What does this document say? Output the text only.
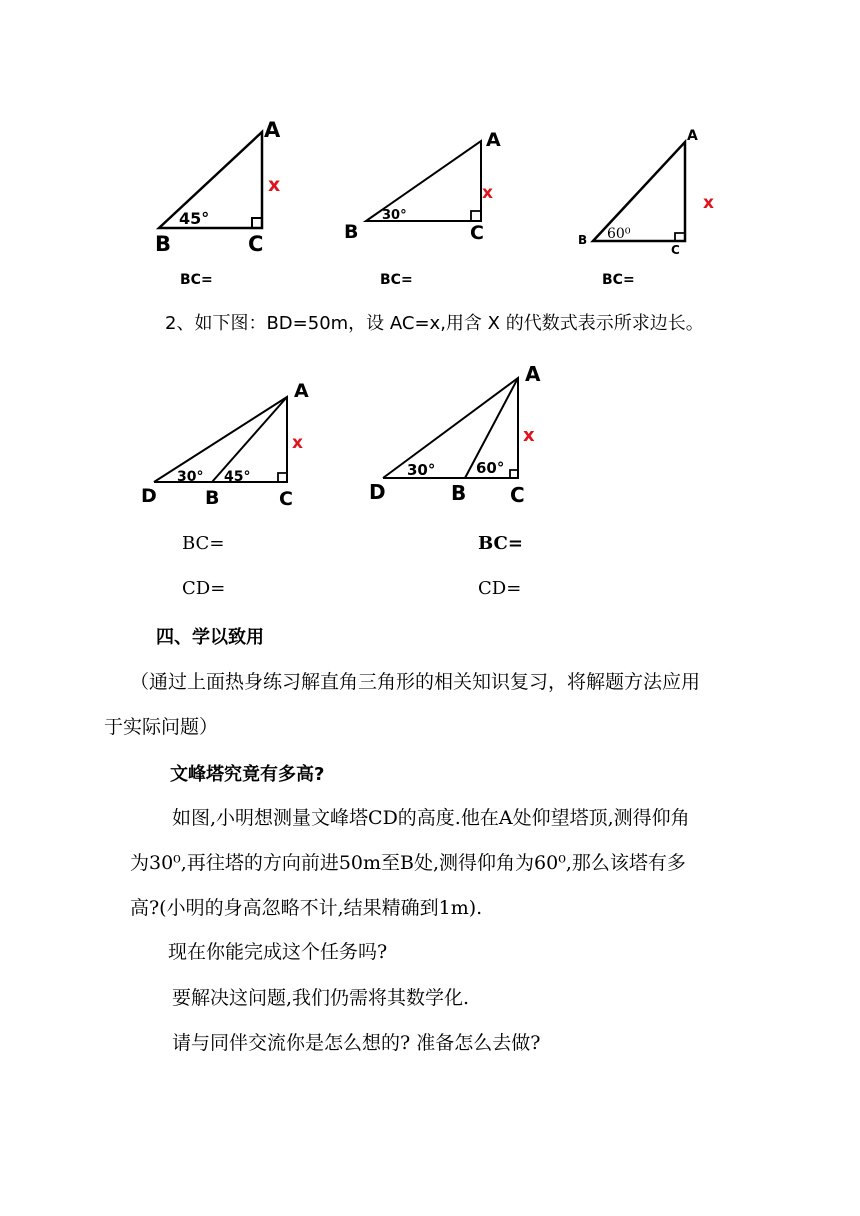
A
B	C
x
45°
A
B	C
x
30°
A
B
C
x
60⁰
BC=	BC=	BC=
2、如下图：BD=50m，设 AC=x,用含 X 的代数式表示所求边长。
A
D	B	C
x
30° 45°
A
D	B C
x
30°	60°
BC=
CD=
BC=
CD=
四、学以致用
（通过上面热身练习解直角三角形的相关知识复习，将解题方法应用
于实际问题）
文峰塔究竟有多高?
如图,小明想测量文峰塔CD的高度.他在A处仰望塔顶,测得仰角
为30⁰,再往塔的方向前进50m至B处,测得仰角为60⁰,那么该塔有多
高?(小明的身高忽略不计,结果精确到1m).
现在你能完成这个任务吗?
要解决这问题,我们仍需将其数学化.
请与同伴交流你是怎么想的? 准备怎么去做?
